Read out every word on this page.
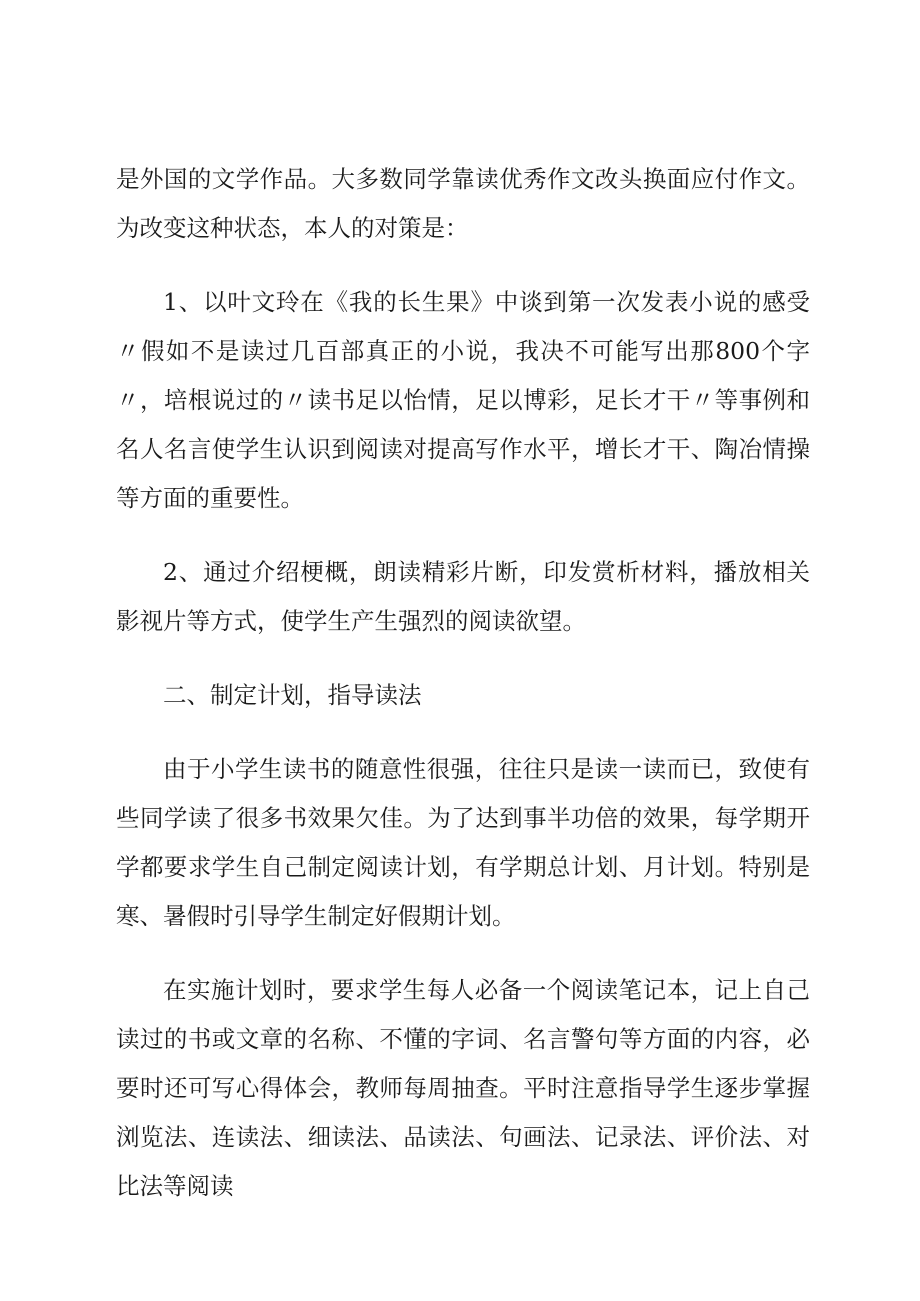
是外国的文学作品。大多数同学靠读优秀作文改头换面应付作文。为改变这种状态，本人的对策是：

1、以叶文玲在《我的长生果》中谈到第一次发表小说的感受〃假如不是读过几百部真正的小说，我决不可能写出那800个字〃，培根说过的〃读书足以怡情，足以博彩，足长才干〃等事例和名人名言使学生认识到阅读对提高写作水平，增长才干、陶冶情操等方面的重要性。

2、通过介绍梗概，朗读精彩片断，印发赏析材料，播放相关影视片等方式，使学生产生强烈的阅读欲望。

二、制定计划，指导读法

由于小学生读书的随意性很强，往往只是读一读而已，致使有些同学读了很多书效果欠佳。为了达到事半功倍的效果，每学期开学都要求学生自己制定阅读计划，有学期总计划、月计划。特别是寒、暑假时引导学生制定好假期计划。

在实施计划时，要求学生每人必备一个阅读笔记本，记上自己读过的书或文章的名称、不懂的字词、名言警句等方面的内容，必要时还可写心得体会，教师每周抽查。平时注意指导学生逐步掌握浏览法、连读法、细读法、品读法、句画法、记录法、评价法、对比法等阅读
